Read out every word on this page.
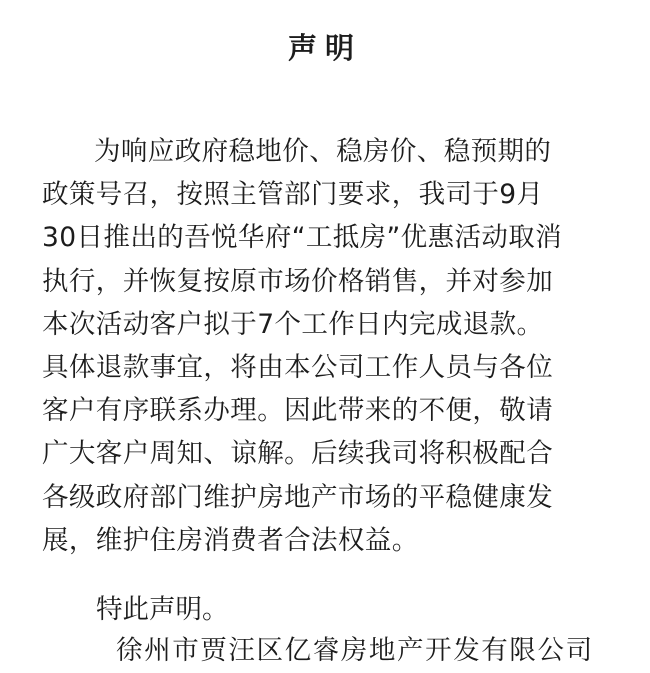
声明
为响应政府稳地价、稳房价、稳预期的
政策号召，按照主管部门要求，我司于9月
30日推出的吾悦华府“工抵房”优惠活动取消
执行，并恢复按原市场价格销售，并对参加
本次活动客户拟于7个工作日内完成退款。
具体退款事宜，将由本公司工作人员与各位
客户有序联系办理。因此带来的不便，敬请
广大客户周知、谅解。后续我司将积极配合
各级政府部门维护房地产市场的平稳健康发
展，维护住房消费者合法权益。
特此声明。
徐州市贾汪区亿睿房地产开发有限公司
